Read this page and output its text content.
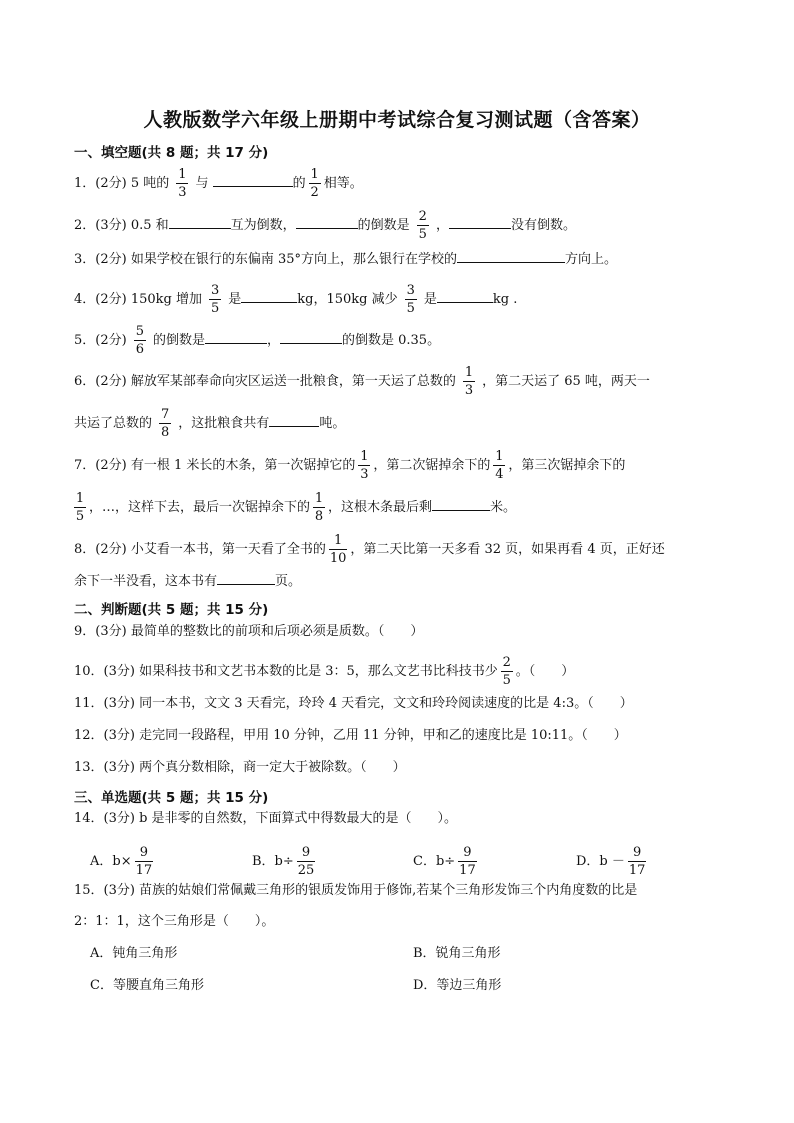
人教版数学六年级上册期中考试综合复习测试题（含答案）
一、填空题(共 8 题；共 17 分)
1．(2分) 5 吨的 $\frac{1}{3}$ 与	的 $\frac{1}{2}$ 相等。
2．(3分) 0.5 和	互为倒数，	的倒数是 $\frac{2}{5}$ ，	没有倒数。
3．(2分) 如果学校在银行的东偏南 35°方向上，那么银行在学校的	方向上。
4．(2分) 150kg 增加 $\frac{3}{5}$ 是	kg，150kg 减少 $\frac{3}{5}$ 是	kg .
5．(2分) $\frac{5}{6}$ 的倒数是	，	的倒数是 0.35。
6．(2分) 解放军某部奉命向灾区运送一批粮食，第一天运了总数的 $\frac{1}{3}$ ，第二天运了 65 吨，两天一
共运了总数的 $\frac{7}{8}$ ，这批粮食共有	吨。
7．(2分) 有一根 1 米长的木条，第一次锯掉它的 $\frac{1}{3}$ ，第二次锯掉余下的 $\frac{1}{4}$ ，第三次锯掉余下的
$\frac{1}{5}$ ，…，这样下去，最后一次锯掉余下的 $\frac{1}{8}$ ，这根木条最后剩	米。
8．(2分) 小艾看一本书，第一天看了全书的 $\frac{1}{10}$ ，第二天比第一天多看 32 页，如果再看 4 页，正好还
余下一半没看，这本书有	页。
二、判断题(共 5 题；共 15 分)
9．(3分) 最简单的整数比的前项和后项必须是质数。（　　）
10．(3分) 如果科技书和文艺书本数的比是 3：5，那么文艺书比科技书少 $\frac{2}{5}$ 。（　　）
11．(3分) 同一本书，文文 3 天看完，玲玲 4 天看完，文文和玲玲阅读速度的比是 4:3。（　　）
12．(3分) 走完同一段路程，甲用 10 分钟，乙用 11 分钟，甲和乙的速度比是 10:11。（　　）
13．(3分) 两个真分数相除，商一定大于被除数。（　　）
三、单选题(共 5 题；共 15 分)
14．(3分) b 是非零的自然数，下面算式中得数最大的是（　　）。
A．$b\times \frac{9}{17}$	B．$b\div \frac{9}{25}$	C．$b\div \frac{9}{17}$	D．$b - \frac{9}{17}$
15．(3分) 苗族的姑娘们常佩戴三角形的银质发饰用于修饰,若某个三角形发饰三个内角度数的比是
2：1：1，这个三角形是（　　）。
A．钝角三角形	B．锐角三角形
C．等腰直角三角形	D．等边三角形
